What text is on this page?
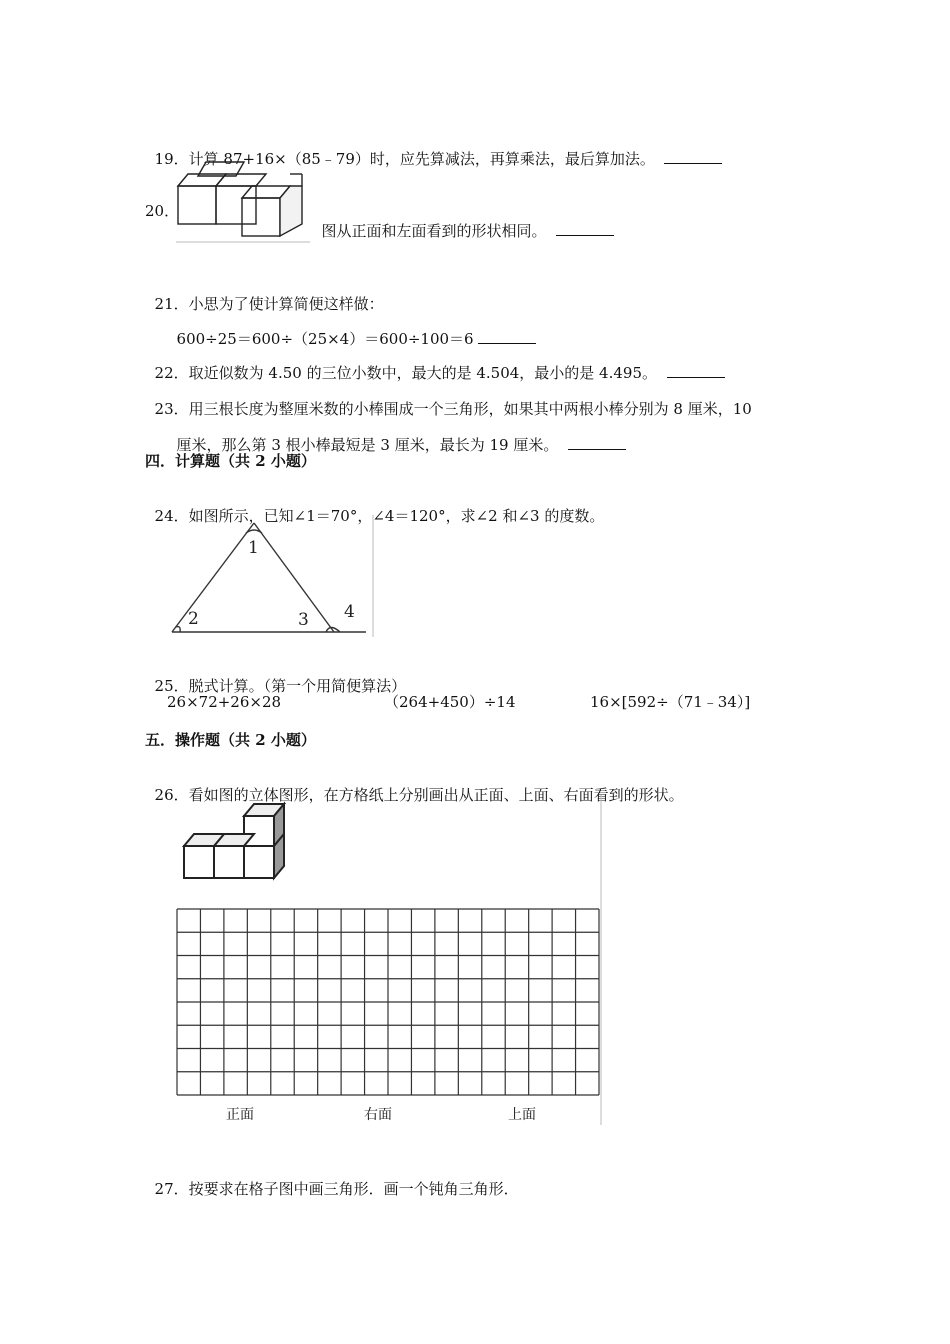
19．计算 87+16×（85﹣79）时，应先算减法，再算乘法，最后算加法。

20．

图从正面和左面看到的形状相同。

21．小思为了使计算简便这样做：

600÷25＝600÷（25×4）＝600÷100＝6

22．取近似数为 4.50 的三位小数中，最大的是 4.504，最小的是 4.495。

23．用三根长度为整厘米数的小棒围成一个三角形，如果其中两根小棒分别为 8 厘米，10

厘米，那么第 3 根小棒最短是 3 厘米，最长为 19 厘米。

四．计算题（共 2 小题）

24．如图所示，已知∠1＝70°，∠4＝120°，求∠2 和∠3 的度数。

1
2	3 4

25．脱式计算。（第一个用简便算法）

26×72+26×28	（264+450）÷14	16×[592÷（71﹣34）]
五．操作题（共 2 小题）

26．看如图的立体图形，在方格纸上分别画出从正面、上面、右面看到的形状。

正面	右面	上面

27．按要求在格子图中画三角形．画一个钝角三角形．
